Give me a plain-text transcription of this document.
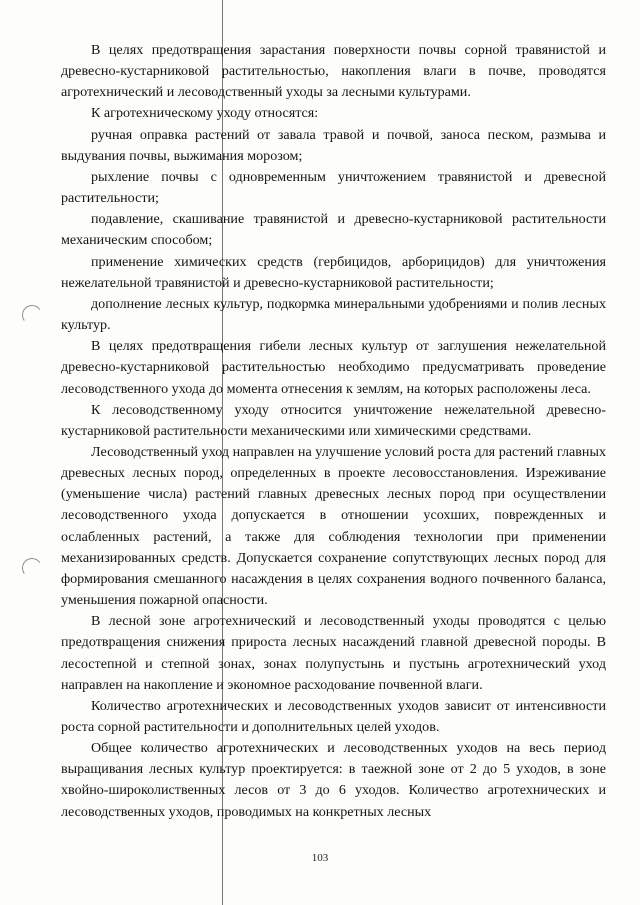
В целях предотвращения зарастания поверхности почвы сорной травянистой и древесно-кустарниковой растительностью, накопления влаги в почве, проводятся агротехнический и лесоводственный уходы за лесными культурами.

К агротехническому уходу относятся:

ручная оправка растений от завала травой и почвой, заноса песком, размыва и выдувания почвы, выжимания морозом;

рыхление почвы с одновременным уничтожением травянистой и древесной растительности;

подавление, скашивание травянистой и древесно-кустарниковой растительности механическим способом;

применение химических средств (гербицидов, арборицидов) для уничтожения нежелательной травянистой и древесно-кустарниковой растительности;

дополнение лесных культур, подкормка минеральными удобрениями и полив лесных культур.

В целях предотвращения гибели лесных культур от заглушения нежелательной древесно-кустарниковой растительностью необходимо предусматривать проведение лесоводственного ухода до момента отнесения к землям, на которых расположены леса.

К лесоводственному уходу относится уничтожение нежелательной древесно-кустарниковой растительности механическими или химическими средствами.

Лесоводственный уход направлен на улучшение условий роста для растений главных древесных лесных пород, определенных в проекте лесовосстановления. Изреживание (уменьшение числа) растений главных древесных лесных пород при осуществлении лесоводственного ухода допускается в отношении усохших, поврежденных и ослабленных растений, а также для соблюдения технологии при применении механизированных средств. Допускается сохранение сопутствующих лесных пород для формирования смешанного насаждения в целях сохранения водного почвенного баланса, уменьшения пожарной опасности.

В лесной зоне агротехнический и лесоводственный уходы проводятся с целью предотвращения снижения прироста лесных насаждений главной древесной породы. В лесостепной и степной зонах, зонах полупустынь и пустынь агротехнический уход направлен на накопление и экономное расходование почвенной влаги.

Количество агротехнических и лесоводственных уходов зависит от интенсивности роста сорной растительности и дополнительных целей уходов.

Общее количество агротехнических и лесоводственных уходов на весь период выращивания лесных культур проектируется: в таежной зоне от 2 до 5 уходов, в зоне хвойно-широколиственных лесов от 3 до 6 уходов. Количество агротехнических и лесоводственных уходов, проводимых на конкретных лесных

103
